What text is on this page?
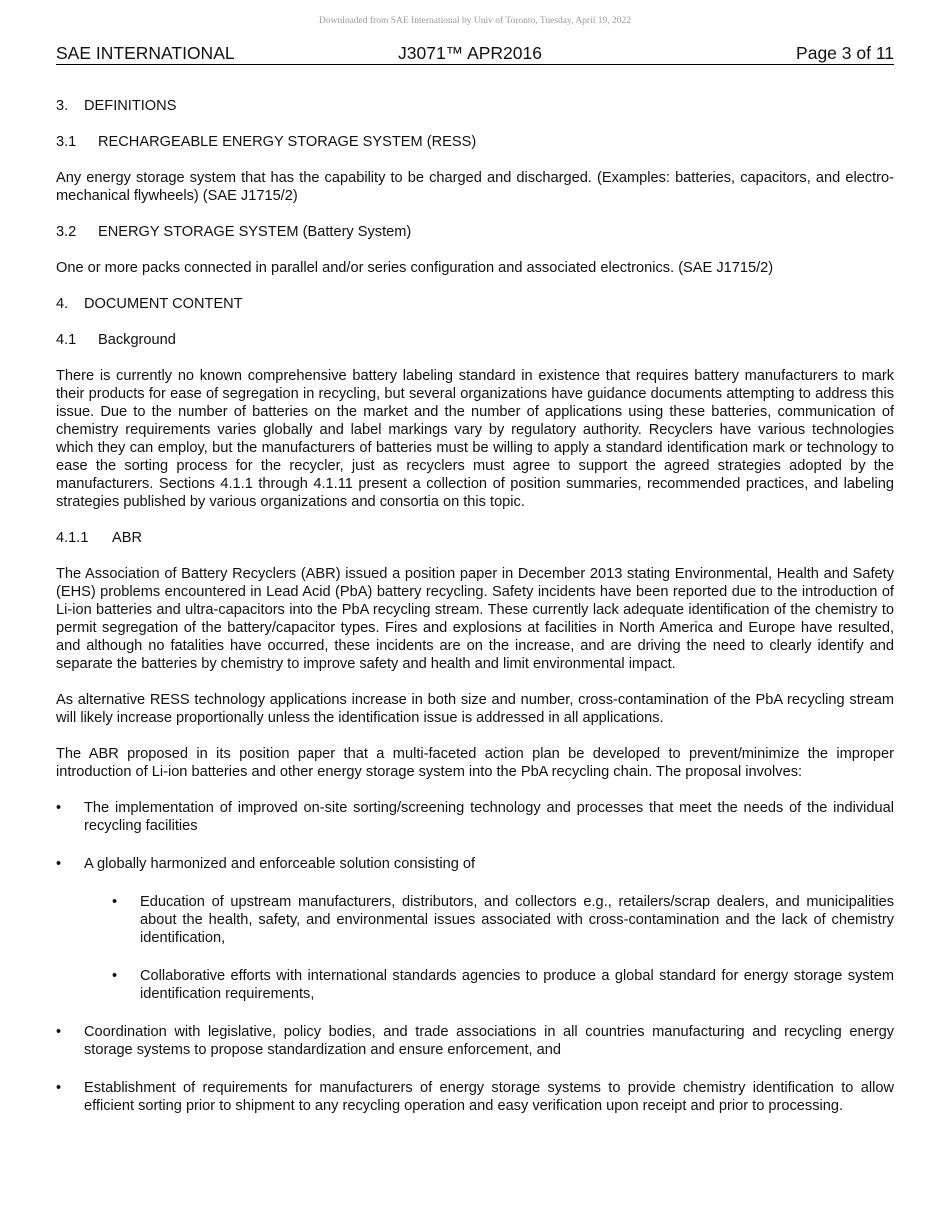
Downloaded from SAE International by Univ of Toronto, Tuesday, April 19, 2022
SAE INTERNATIONAL	J3071™ APR2016	Page 3 of 11
3. DEFINITIONS
3.1 RECHARGEABLE ENERGY STORAGE SYSTEM (RESS)

Any energy storage system that has the capability to be charged and discharged. (Examples: batteries, capacitors, and electro-mechanical flywheels) (SAE J1715/2)

3.2 ENERGY STORAGE SYSTEM (Battery System)

One or more packs connected in parallel and/or series configuration and associated electronics. (SAE J1715/2)

4. DOCUMENT CONTENT
4.1 Background

There is currently no known comprehensive battery labeling standard in existence that requires battery manufacturers to mark their products for ease of segregation in recycling, but several organizations have guidance documents attempting to address this issue. Due to the number of batteries on the market and the number of applications using these batteries, communication of chemistry requirements varies globally and label markings vary by regulatory authority. Recyclers have various technologies which they can employ, but the manufacturers of batteries must be willing to apply a standard identification mark or technology to ease the sorting process for the recycler, just as recyclers must agree to support the agreed strategies adopted by the manufacturers. Sections 4.1.1 through 4.1.11 present a collection of position summaries, recommended practices, and labeling strategies published by various organizations and consortia on this topic.

4.1.1 ABR

The Association of Battery Recyclers (ABR) issued a position paper in December 2013 stating Environmental, Health and Safety (EHS) problems encountered in Lead Acid (PbA) battery recycling. Safety incidents have been reported due to the introduction of Li-ion batteries and ultra-capacitors into the PbA recycling stream. These currently lack adequate identification of the chemistry to permit segregation of the battery/capacitor types. Fires and explosions at facilities in North America and Europe have resulted, and although no fatalities have occurred, these incidents are on the increase, and are driving the need to clearly identify and separate the batteries by chemistry to improve safety and health and limit environmental impact.

As alternative RESS technology applications increase in both size and number, cross-contamination of the PbA recycling stream will likely increase proportionally unless the identification issue is addressed in all applications.

The ABR proposed in its position paper that a multi-faceted action plan be developed to prevent/minimize the improper introduction of Li-ion batteries and other energy storage system into the PbA recycling chain. The proposal involves:

• The implementation of improved on-site sorting/screening technology and processes that meet the needs of the individual recycling facilities
• A globally harmonized and enforceable solution consisting of
• Education of upstream manufacturers, distributors, and collectors e.g., retailers/scrap dealers, and municipalities about the health, safety, and environmental issues associated with cross-contamination and the lack of chemistry identification,
• Collaborative efforts with international standards agencies to produce a global standard for energy storage system identification requirements,
• Coordination with legislative, policy bodies, and trade associations in all countries manufacturing and recycling energy storage systems to propose standardization and ensure enforcement, and
• Establishment of requirements for manufacturers of energy storage systems to provide chemistry identification to allow efficient sorting prior to shipment to any recycling operation and easy verification upon receipt and prior to processing.
